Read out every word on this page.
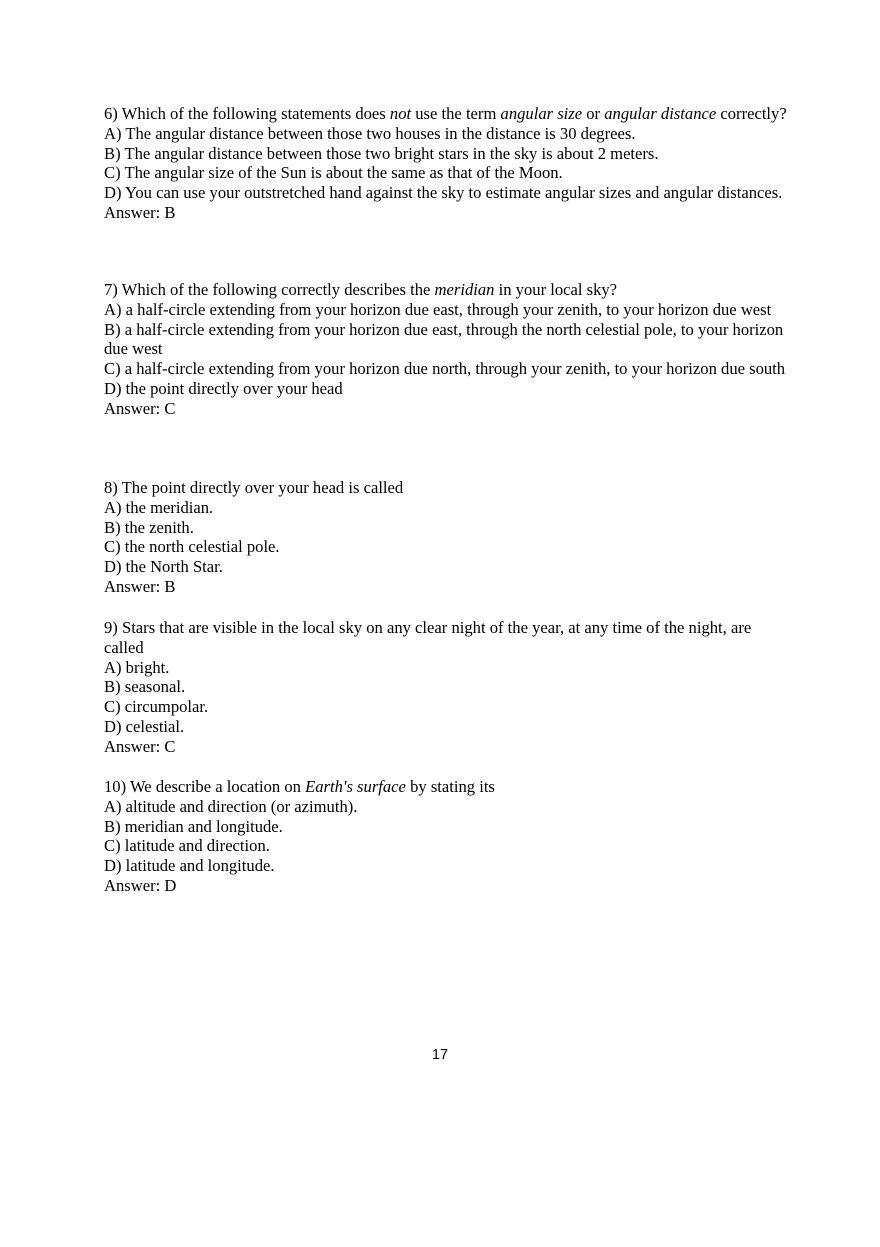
6) Which of the following statements does not use the term angular size or angular distance correctly?
A) The angular distance between those two houses in the distance is 30 degrees.
B) The angular distance between those two bright stars in the sky is about 2 meters.
C) The angular size of the Sun is about the same as that of the Moon.
D) You can use your outstretched hand against the sky to estimate angular sizes and angular distances.
Answer: B
7) Which of the following correctly describes the meridian in your local sky?
A) a half-circle extending from your horizon due east, through your zenith, to your horizon due west
B) a half-circle extending from your horizon due east, through the north celestial pole, to your horizon due west
C) a half-circle extending from your horizon due north, through your zenith, to your horizon due south
D) the point directly over your head
Answer: C
8) The point directly over your head is called
A) the meridian.
B) the zenith.
C) the north celestial pole.
D) the North Star.
Answer: B
9) Stars that are visible in the local sky on any clear night of the year, at any time of the night, are called
A) bright.
B) seasonal.
C) circumpolar.
D) celestial.
Answer: C
10) We describe a location on Earth's surface by stating its
A) altitude and direction (or azimuth).
B) meridian and longitude.
C) latitude and direction.
D) latitude and longitude.
Answer: D
17
